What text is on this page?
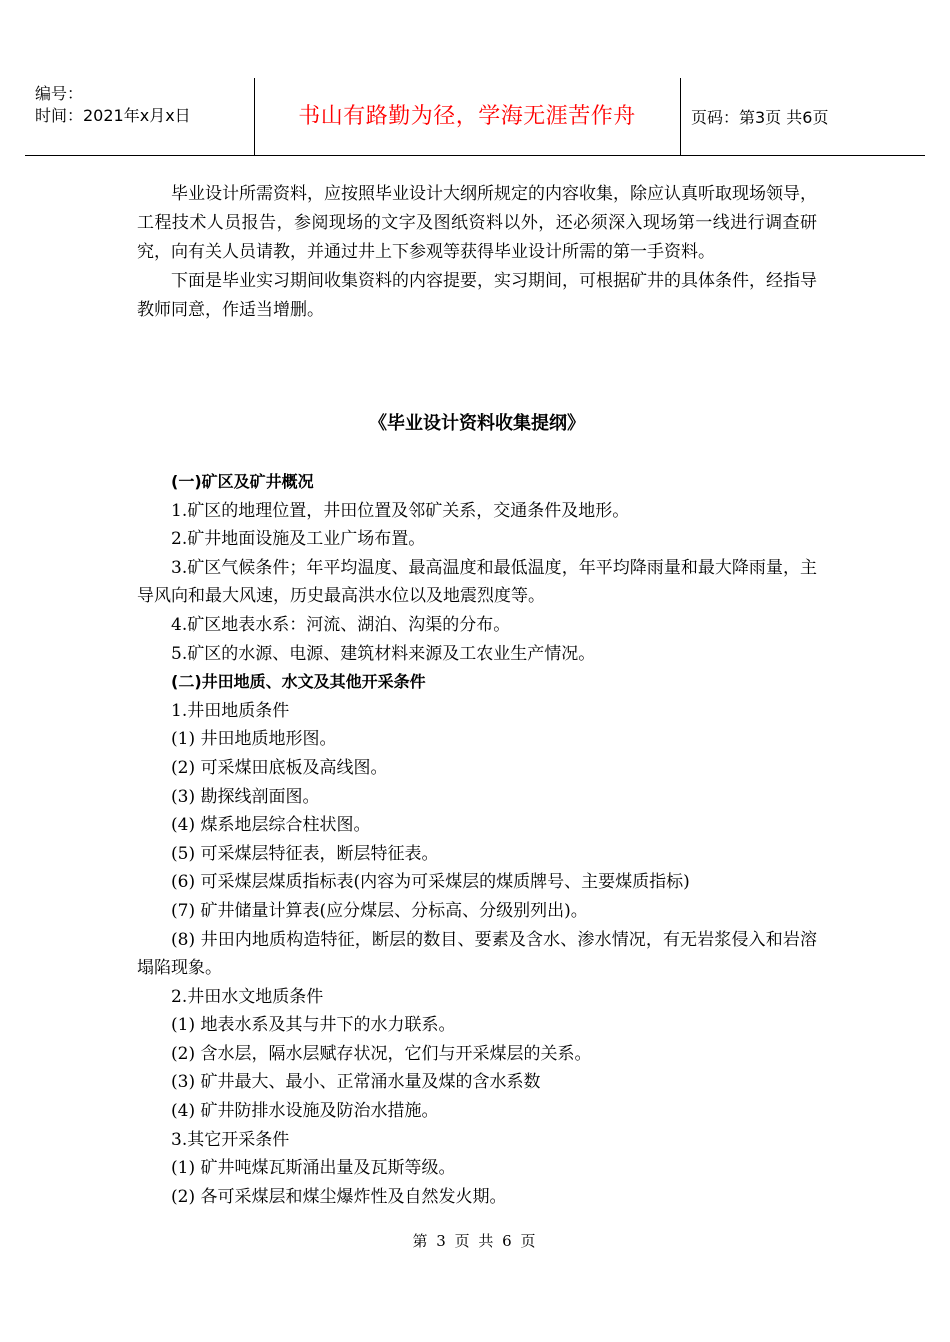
编号：
时间：2021年x月x日	书山有路勤为径，学海无涯苦作舟	页码：第3页 共6页

毕业设计所需资料，应按照毕业设计大纲所规定的内容收集，除应认真听取现场领导，工程技术人员报告，参阅现场的文字及图纸资料以外，还必须深入现场第一线进行调查研究，向有关人员请教，并通过井上下参观等获得毕业设计所需的第一手资料。

下面是毕业实习期间收集资料的内容提要，实习期间，可根据矿井的具体条件，经指导教师同意，作适当增删。

《毕业设计资料收集提纲》

(一)矿区及矿井概况

1.矿区的地理位置，井田位置及邻矿关系，交通条件及地形。

2.矿井地面设施及工业广场布置。

3.矿区气候条件；年平均温度、最高温度和最低温度，年平均降雨量和最大降雨量，主导风向和最大风速，历史最高洪水位以及地震烈度等。

4.矿区地表水系：河流、湖泊、沟渠的分布。

5.矿区的水源、电源、建筑材料来源及工农业生产情况。

(二)井田地质、水文及其他开采条件

1.井田地质条件

(1) 井田地质地形图。

(2) 可采煤田底板及高线图。

(3) 勘探线剖面图。

(4) 煤系地层综合柱状图。

(5) 可采煤层特征表，断层特征表。

(6) 可采煤层煤质指标表(内容为可采煤层的煤质牌号、主要煤质指标)

(7) 矿井储量计算表(应分煤层、分标高、分级别列出)。

(8) 井田内地质构造特征，断层的数目、要素及含水、渗水情况，有无岩浆侵入和岩溶塌陷现象。

2.井田水文地质条件

(1) 地表水系及其与井下的水力联系。

(2) 含水层，隔水层赋存状况，它们与开采煤层的关系。

(3) 矿井最大、最小、正常涌水量及煤的含水系数

(4) 矿井防排水设施及防治水措施。

3.其它开采条件

(1) 矿井吨煤瓦斯涌出量及瓦斯等级。

(2) 各可采煤层和煤尘爆炸性及自然发火期。

第 3 页 共 6 页
